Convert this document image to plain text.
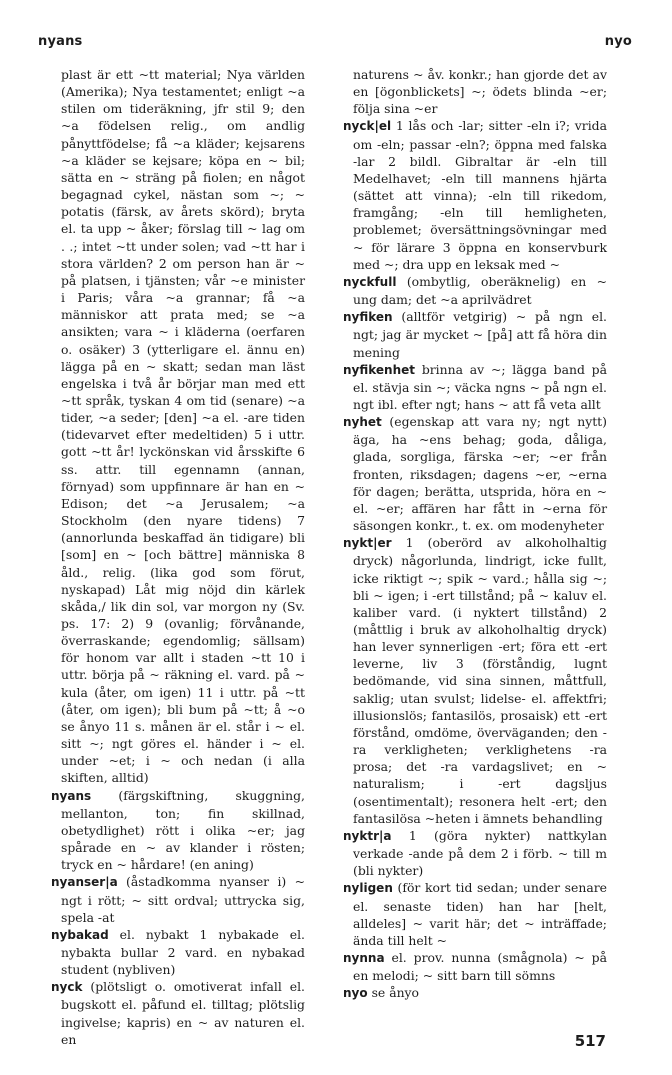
nyans	nyo

plast är ett ~tt material; Nya världen (Amerika); Nya testamentet; enligt ~a stilen om tideräkning, jfr stil 9; den ~a födelsen relig., om andlig pånyttfödelse; få ~a kläder; kejsarens ~a kläder se kejsare; köpa en ~ bil; sätta en ~ sträng på fiolen; en något begagnad cykel, nästan som ~; ~ potatis (färsk, av årets skörd); bryta el. ta upp ~ åker; förslag till ~ lag om . .; intet ~tt under solen; vad ~tt har i stora världen? 2 om person han är ~ på platsen, i tjänsten; vår ~e minister i Paris; våra ~a grannar; få ~a människor att prata med; se ~a ansikten; vara ~ i kläderna (oerfaren o. osäker) 3 (ytterligare el. ännu en) lägga på en ~ skatt; sedan man läst engelska i två år börjar man med ett ~tt språk, tyskan 4 om tid (senare) ~a tider, ~a seder; [den] ~a el. -are tiden (tidevarvet efter medeltiden) 5 i uttr. gott ~tt år! lyckönskan vid årsskifte 6 ss. attr. till egennamn (annan, förnyad) som uppfinnare är han en ~ Edison; det ~a Jerusalem; ~a Stockholm (den nyare tidens) 7 (annorlunda beskaffad än tidigare) bli [som] en ~ [och bättre] människa 8 åld., relig. (lika god som förut, nyskapad) Låt mig nöjd din kärlek skåda,/ lik din sol, var morgon ny (Sv. ps. 17: 2) 9 (ovanlig; förvånande, överraskande; egendomlig; sällsam) för honom var allt i staden ~tt 10 i uttr. börja på ~ räkning el. vard. på ~ kula (åter, om igen) 11 i uttr. på ~tt (åter, om igen); bli bum på ~tt; å ~o se ånyo 11 s. månen är el. står i ~ el. sitt ~; ngt göres el. händer i ~ el. under ~et; i ~ och nedan (i alla skiften, alltid)

nyans (färgskiftning, skuggning, mellanton, ton; fin skillnad, obetydlighet) rött i olika ~er; jag spårade en ~ av klander i rösten; tryck en ~ hårdare! (en aning)

nyanser|a (åstadkomma nyanser i) ~ ngt i rött; ~ sitt ordval; uttrycka sig, spela -at

nybakad el. nybakt 1 nybakade el. nybakta bullar 2 vard. en nybakad student (nybliven)

nyck (plötsligt o. omotiverat infall el. bugskott el. påfund el. tilltag; plötslig ingivelse; kapris) en ~ av naturen el. en

naturens ~ åv. konkr.; han gjorde det av en [ögonblickets] ~; ödets blinda ~er; följa sina ~er

nyck|el 1 lås och -lar; sitter -eln i?; vrida om -eln; passar -eln?; öppna med falska -lar 2 bildl. Gibraltar är -eln till Medelhavet; -eln till mannens hjärta (sättet att vinna); -eln till rikedom, framgång; -eln till hemligheten, problemet; översättningsövningar med ~ för lärare 3 öppna en konservburk med ~; dra upp en leksak med ~

nyckfull (ombytlig, oberäknelig) en ~ ung dam; det ~a aprilvädret

nyfiken (alltför vetgirig) ~ på ngn el. ngt; jag är mycket ~ [på] att få höra din mening

nyfikenhet brinna av ~; lägga band på el. stävja sin ~; väcka ngns ~ på ngn el. ngt ibl. efter ngt; hans ~ att få veta allt

nyhet (egenskap att vara ny; ngt nytt) äga, ha ~ens behag; goda, dåliga, glada, sorgliga, färska ~er; ~er från fronten, riksdagen; dagens ~er, ~erna för dagen; berätta, utsprida, höra en ~ el. ~er; affären har fått in ~erna för säsongen konkr., t. ex. om modenyheter

nykt|er 1 (oberörd av alkoholhaltig dryck) någorlunda, lindrigt, icke fullt, icke riktigt ~; spik ~ vard.; hålla sig ~; bli ~ igen; i -ert tillstånd; på ~ kaluv el. kaliber vard. (i nyktert tillstånd) 2 (måttlig i bruk av alkoholhaltig dryck) han lever synnerligen -ert; föra ett -ert leverne, liv 3 (förståndig, lugnt bedömande, vid sina sinnen, måttfull, saklig; utan svulst; lidelse- el. affektfri; illusionslös; fantasilös, prosaisk) ett -ert förstånd, omdöme, överväganden; den -ra verkligheten; verklighetens -ra prosa; det -ra vardagslivet; en ~ naturalism; i -ert dagsljus (osentimentalt); resonera helt -ert; den fantasilösa ~heten i ämnets behandling

nyktr|a 1 (göra nykter) nattkylan verkade -ande på dem 2 i förb. ~ till m (bli nykter)

nyligen (för kort tid sedan; under senare el. senaste tiden) han har [helt, alldeles] ~ varit här; det ~ inträffade; ända till helt ~

nynna el. prov. nunna (smågnola) ~ på en melodi; ~ sitt barn till sömns

nyo se ånyo

517
